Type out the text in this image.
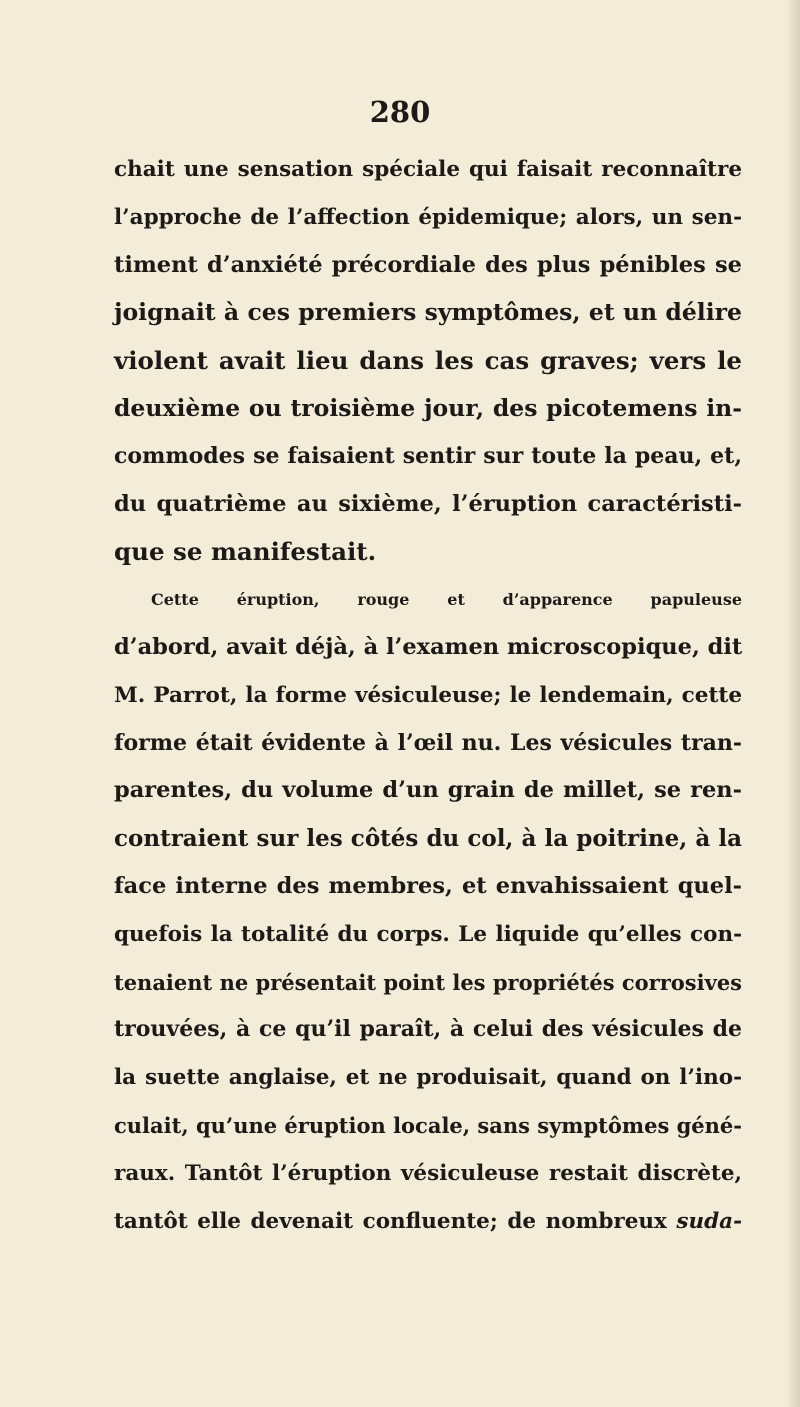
280
chait une sensation spéciale qui faisait reconnaître
l’approche de l’affection épidemique; alors, un sen-
timent d’anxiété précordiale des plus pénibles se
joignait à ces premiers symptômes, et un délire
violent avait lieu dans les cas graves; vers le
deuxième ou troisième jour, des picotemens in-
commodes se faisaient sentir sur toute la peau, et,
du quatrième au sixième, l’éruption caractéristi-
que se manifestait.
Cette éruption, rouge et d’apparence papuleuse
d’abord, avait déjà, à l’examen microscopique, dit
M. Parrot, la forme vésiculeuse; le lendemain, cette
forme était évidente à l’œil nu. Les vésicules tran-
parentes, du volume d’un grain de millet, se ren-
contraient sur les côtés du col, à la poitrine, à la
face interne des membres, et envahissaient quel-
quefois la totalité du corps. Le liquide qu’elles con-
tenaient ne présentait point les propriétés corrosives
trouvées, à ce qu’il paraît, à celui des vésicules de
la suette anglaise, et ne produisait, quand on l’ino-
culait, qu’une éruption locale, sans symptômes géné-
raux. Tantôt l’éruption vésiculeuse restait discrète,
tantôt elle devenait confluente; de nombreux suda-
